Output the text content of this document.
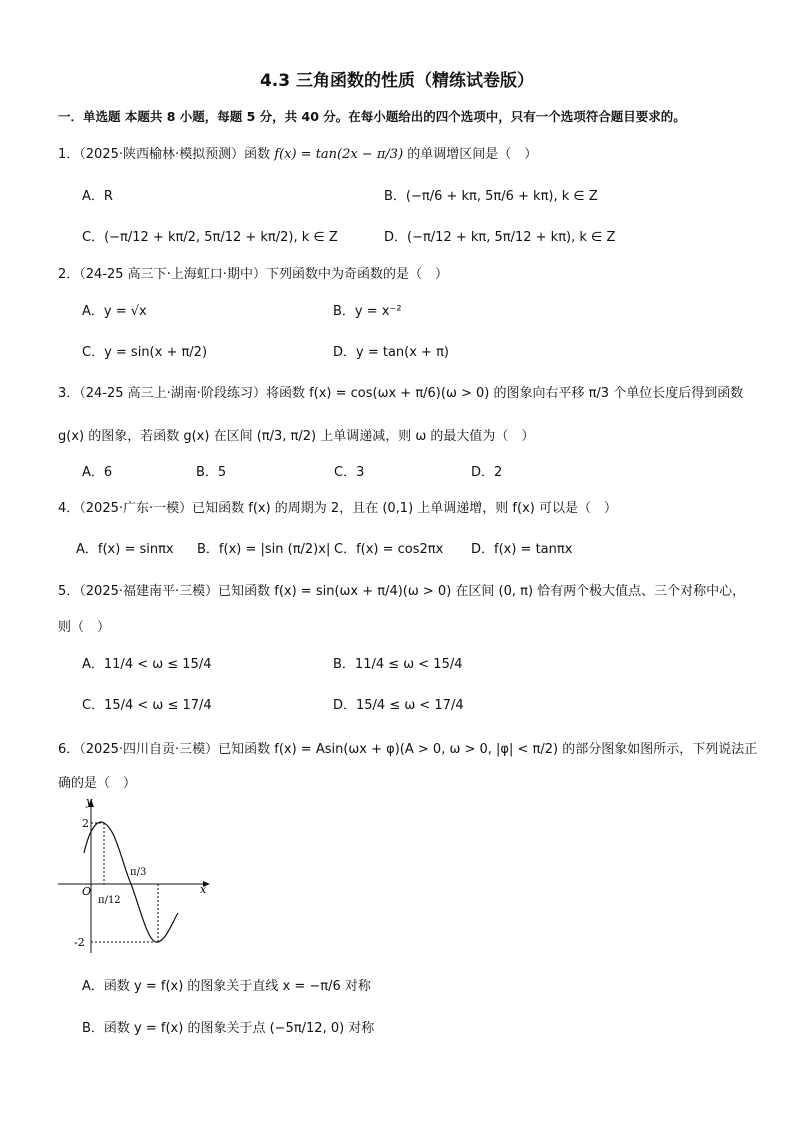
4.3 三角函数的性质（精练试卷版）
一．单选题 本题共 8 小题，每题 5 分，共 40 分。在每小题给出的四个选项中，只有一个选项符合题目要求的。
1．（2025·陕西榆林·模拟预测）函数 f(x) = tan(2x − π/3) 的单调增区间是（　）
A．R	B．(−π/6 + kπ, 5π/6 + kπ), k ∈ Z
C．(−π/12 + kπ/2, 5π/12 + kπ/2), k ∈ Z	D．(−π/12 + kπ, 5π/12 + kπ), k ∈ Z
2．（24-25 高三下·上海虹口·期中）下列函数中为奇函数的是（　）
A．y = √x	B．y = x⁻²
C．y = sin(x + π/2)	D．y = tan(x + π)
3．（24-25 高三上·湖南·阶段练习）将函数 f(x) = cos(ωx + π/6)(ω > 0) 的图象向右平移 π/3 个单位长度后得到函数
g(x) 的图象，若函数 g(x) 在区间 (π/3, π/2) 上单调递减，则 ω 的最大值为（　）
A．6	B．5	C．3	D．2
4．（2025·广东·一模）已知函数 f(x) 的周期为 2，且在 (0,1) 上单调递增，则 f(x) 可以是（　）
A．f(x) = sinπx B．f(x) = |sin (π/2)x| C．f(x) = cos2πx D．f(x) = tanπx
5．（2025·福建南平·三模）已知函数 f(x) = sin(ωx + π/4)(ω > 0) 在区间 (0, π) 恰有两个极大值点、三个对称中心，
则（　）
A．11/4 < ω ≤ 15/4	B．11/4 ≤ ω < 15/4
C．15/4 < ω ≤ 17/4	D．15/4 ≤ ω < 17/4
6．（2025·四川自贡·三模）已知函数 f(x) = Asin(ωx + φ)(A > 0, ω > 0, |φ| < π/2) 的部分图象如图所示，下列说法正
确的是（　）
y
x
O
2
-2
π/12
π/3
A．函数 y = f(x) 的图象关于直线 x = −π/6 对称
B．函数 y = f(x) 的图象关于点 (−5π/12, 0) 对称
